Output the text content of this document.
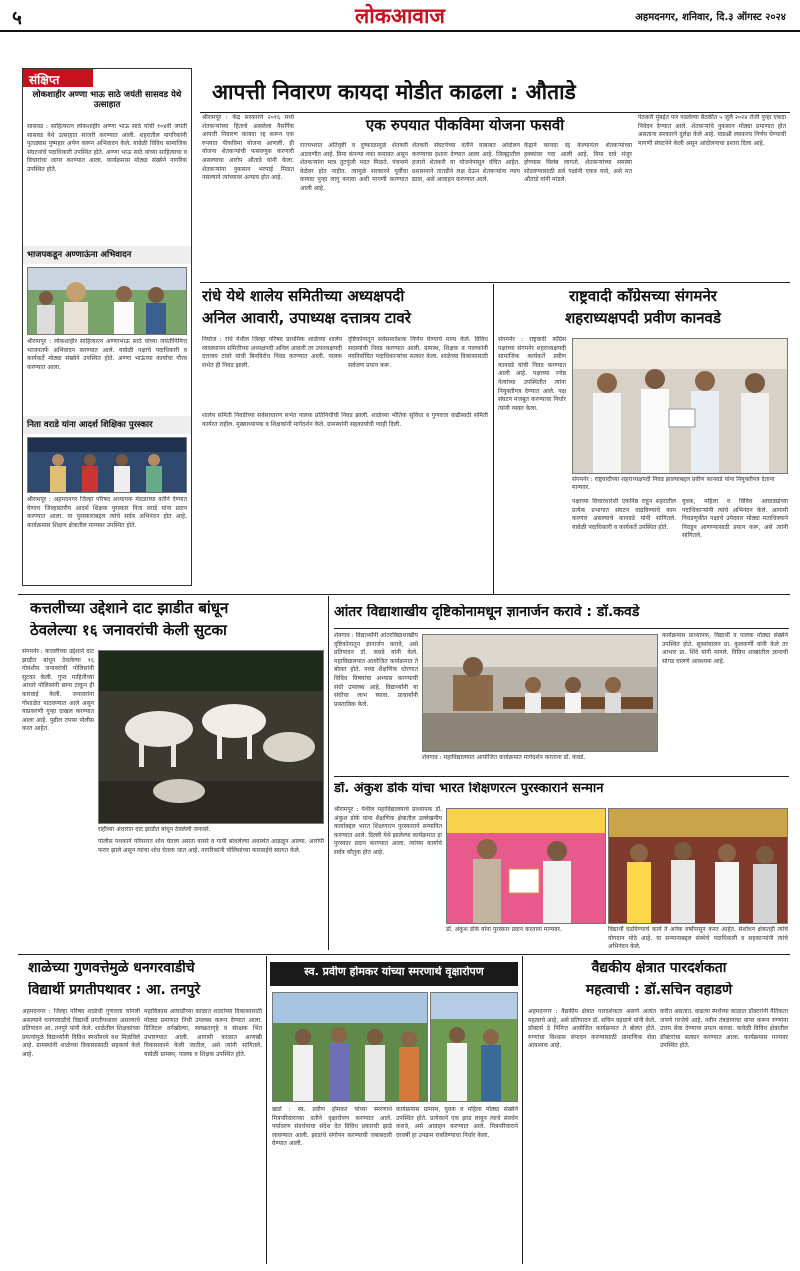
५	लोकआवाज	अहमदनगर, शनिवार, दि.३ ऑगस्ट २०२४
संक्षिप्त
लोकशाहीर अण्णा भाऊ साठे जयंती सासवड येथे उत्साहात
सासवड : साहित्यरत्न लोकशाहीर अण्णा भाऊ साठे यांची १०४वी जयंती सासवड येथे उत्साहात साजरी करण्यात आली. शहरातील नागरिकांनी पुतळ्यास पुष्पहार अर्पण करून अभिवादन केले. यावेळी विविध सामाजिक संघटनांचे पदाधिकारी उपस्थित होते. अण्णा भाऊ साठे यांच्या साहित्याचा व विचारांचा जागर करण्यात आला. कार्यक्रमास मोठ्या संख्येने नागरिक उपस्थित होते.
भाजपकडून अण्णाऊंना अभिवादन
श्रीरामपूर : लोकशाहीर साहित्यरत्न अण्णाभाऊ साठे यांच्या जयंतीनिमित्त भाजपतर्फे अभिवादन करण्यात आले. यावेळी पक्षाचे पदाधिकारी व कार्यकर्ते मोठ्या संख्येने उपस्थित होते. अण्णा भाऊंच्या कार्याचा गौरव करण्यात आला.
निता वराडे यांना आदर्श शिक्षिका पुरस्कार
श्रीरामपूर : अहमदनगर जिल्हा परिषद अध्यापक मंडळाच्या वतीने देण्यात येणारा जिल्हास्तरीय आदर्श शिक्षक पुरस्कार निता वराडे यांना प्रदान करण्यात आला. या पुरस्काराबद्दल त्यांचे सर्वत्र अभिनंदन होत आहे. कार्यक्रमास शिक्षण क्षेत्रातील मान्यवर उपस्थित होते.
आपत्ती निवारण कायदा मोडीत काढला : औताडे
श्रीरामपूर : केंद्र सरकारने २०१६ मध्ये शेतकऱ्यांच्या हिताचे असलेला नैसर्गिक आपत्ती निवारण कायदा रद्द करून एक रुपयात पीकविमा योजना आणली. ही योजना शेतकऱ्यांची फसवणूक करणारी असल्याचा आरोप औताडे यांनी केला. शेतकऱ्यांना नुकसान भरपाई मिळत नसल्याने त्यांच्यावर अन्याय होत आहे.
एक रुपयात पीकविमा योजना फसवी
राज्यभरात अतिवृष्टी व दुष्काळामुळे शेतकरी अडचणीत आहे. विमा कंपन्या नफा कमावत असून शेतकऱ्यांना मात्र तुटपुंजी मदत मिळते. पंचनामे वेळेवर होत नाहीत. त्यामुळे सरकारने पूर्वीचा कायदा पुन्हा लागू करावा अशी मागणी करण्यात आली आहे.
शेतकरी संघटनेच्या वतीने याबाबत आंदोलन करण्याचा इशारा देण्यात आला आहे. जिल्ह्यातील हजारो शेतकरी या योजनेपासून वंचित आहेत. प्रशासनाने तातडीने लक्ष देऊन शेतकऱ्यांना न्याय द्यावा, असे आवाहन करण्यात आले.
केंद्राने कायदा रद्द केल्यानंतर शेतकऱ्यांच्या हक्कांवर गदा आली आहे. विमा दावे मंजूर होण्यास विलंब लागतो. शेतकऱ्यांच्या समस्या सोडवण्यासाठी सर्व पक्षांनी एकत्र यावे, असे मत औताडे यांनी मांडले.
पेठकरी मुंबईत पार पडलेल्या बैठकीत ५ जुलै २०२४ रोजी पुन्हा एकदा निवेदन देण्यात आले. शेतकऱ्यांचे नुकसान मोठ्या प्रमाणात होत असताना सरकारने दुर्लक्ष केले आहे. याप्रश्नी लवकरच निर्णय घेण्याची मागणी संघटनेने केली असून आंदोलनाचा इशारा दिला आहे.
रांधे येथे शालेय समितीच्या अध्यक्षपदी
अनिल आवारी, उपाध्यक्ष दत्तात्रय टावरे
निघोज : रांधे येथील जिल्हा परिषद प्राथमिक शाळेच्या शालेय व्यवस्थापन समितीच्या अध्यक्षपदी अनिल आवारी तर उपाध्यक्षपदी दत्तात्रय टावरे यांची बिनविरोध निवड करण्यात आली. पालक सभेत ही निवड झाली.
दृष्टिकोनातून सर्वसमावेशक निर्णय घेण्याचे मान्य केले. विविध सदस्यांची निवड करण्यात आली. ग्रामस्थ, शिक्षक व पालकांनी नवनिर्वाचित पदाधिकाऱ्यांचा सत्कार केला. शाळेच्या विकासासाठी सर्वजण प्रयत्न करू.
शालेय समिती निवडीच्या सर्वसाधारण सभेत पालक प्रतिनिधींची निवड झाली. शाळेच्या भौतिक सुविधा व गुणवत्ता वाढीसाठी समिती कार्यरत राहील. मुख्याध्यापक व शिक्षकांनी मार्गदर्शन केले. ग्रामस्थांनी सहकार्याची ग्वाही दिली.
राष्ट्रवादी काँग्रेसच्या संगमनेर
शहराध्यक्षपदी प्रवीण कानवडे
संगमनेर : राष्ट्रवादी काँग्रेस पक्षाच्या संगमनेर शहराध्यक्षपदी सामाजिक कार्यकर्ते प्रवीण कानवडे यांची निवड करण्यात आली आहे. पक्षाच्या ज्येष्ठ नेत्यांच्या उपस्थितीत त्यांना नियुक्तीपत्र देण्यात आले. पक्ष संघटन मजबूत करण्याचा निर्धार त्यांनी व्यक्त केला.
संगमनेर : राष्ट्रवादीच्या शहराध्यक्षपदी निवड झाल्याबद्दल प्रवीण कानवडे यांना नियुक्तीपत्र देताना मान्यवर.
पक्षाच्या विचारधारेशी एकनिष्ठ राहून शहरातील प्रत्येक प्रभागात संघटन वाढविण्याचे काम करणार असल्याचे कानवडे यांनी सांगितले. यावेळी पदाधिकारी व कार्यकर्ते उपस्थित होते.
युवक, महिला व विविध आघाड्यांच्या पदाधिकाऱ्यांनी त्यांचे अभिनंदन केले. आगामी निवडणुकीत पक्षाचे उमेदवार मोठ्या मताधिक्याने निवडून आणण्यासाठी प्रयत्न करू, असे त्यांनी सांगितले.
कत्तलीच्या उद्देशाने दाट झाडीत बांधून
ठेवलेल्या १६ जनावरांची केली सुटका
संगमनेर : कत्तलीच्या उद्देशाने दाट झाडीत बांधून ठेवलेल्या १६ गोवंशीय जनावरांची पोलिसांनी सुटका केली. गुप्त माहितीच्या आधारे पोलिसांनी छापा टाकून ही कारवाई केली. जनावरांना गोशाळेत पाठवण्यात आले असून याप्रकरणी गुन्हा दाखल करण्यात आला आहे. पुढील तपास पोलीस करत आहेत.
राहीच्या अंधारात दाट झाडीत बांधून ठेवलेली जनावरे.
पोलीस पथकाने परिसरात शोध घेतला असता वासरे व गायी बांधलेल्या अवस्थेत आढळून आल्या. आरोपी फरार झाले असून त्यांचा शोध घेतला जात आहे. नागरिकांनी पोलिसांच्या कारवाईचे स्वागत केले.
आंतर विद्याशाखीय दृष्टिकोनामधून ज्ञानार्जन करावे : डॉ.कवडे
शेवगाव : विद्यार्थ्यांनी आंतरविद्याशाखीय दृष्टिकोनातून ज्ञानार्जन करावे, असे प्रतिपादन डॉ. कवडे यांनी केले. महाविद्यालयात आयोजित कार्यक्रमात ते बोलत होते. नव्या शैक्षणिक धोरणात विविध विषयांचा अभ्यास करण्याची संधी उपलब्ध आहे. विद्यार्थ्यांनी या संधीचा लाभ घ्यावा. प्राचार्यांनी प्रास्ताविक केले.
शेवगाव : महाविद्यालयात आयोजित कार्यक्रमात मार्गदर्शन करताना डॉ. कवडे.
कार्यक्रमास प्राध्यापक, विद्यार्थी व पालक मोठ्या संख्येने उपस्थित होते. सूत्रसंचालन प्रा. कुलकर्णी यांनी केले तर आभार प्रा. शिंदे यांनी मानले. विविध शाखांतील ज्ञानाची सांगड घालणे आवश्यक आहे.
डॉ. अंकुश डोके यांचा भारत शिक्षणरत्न पुरस्काराने सन्मान
श्रीरामपूर : येथील महाविद्यालयाचे प्राध्यापक डॉ. अंकुश डोके यांना शैक्षणिक क्षेत्रातील उल्लेखनीय कार्याबद्दल भारत शिक्षणरत्न पुरस्काराने सन्मानित करण्यात आले. दिल्ली येथे झालेल्या कार्यक्रमात हा पुरस्कार प्रदान करण्यात आला. त्यांच्या कार्याचे सर्वत्र कौतुक होत आहे.
डॉ. अंकुश डोके यांना पुरस्कार प्रदान करताना मान्यवर.	विद्यार्थी घडविण्याचे कार्य ते अनेक वर्षांपासून करत आहेत. संशोधन क्षेत्रातही त्यांचे योगदान मोठे आहे. या सन्मानाबद्दल संस्थेचे पदाधिकारी व सहकाऱ्यांनी त्यांचे अभिनंदन केले.
शाळेच्या गुणवत्तेमुळे धनगरवाडीचे
विद्यार्थी प्रगतीपथावर : आ. तनपुरे
अहमदनगर : जिल्हा परिषद शाळेची गुणवत्ता चांगली असल्याने धनगरवाडीचे विद्यार्थी प्रगतीपथावर असल्याचे प्रतिपादन आ. तनपुरे यांनी केले. शाळेतील शिक्षकांच्या प्रयत्नांमुळे विद्यार्थ्यांनी विविध स्पर्धांमध्ये यश मिळविले आहे. ग्रामस्थांनी शाळेच्या विकासासाठी सहकार्य केले आहे.
महाविकास आघाडीच्या काळात शाळांच्या विकासासाठी मोठ्या प्रमाणात निधी उपलब्ध करून देण्यात आला. डिजिटल वर्गखोल्या, स्वच्छतागृहे व संरक्षक भिंत उभारण्यात आली. आगामी काळात आणखी विकासकामे केली जातील, असे त्यांनी सांगितले. यावेळी ग्रामस्थ, पालक व शिक्षक उपस्थित होते.
स्व. प्रवीण होमकर यांच्या स्मरणार्थ वृक्षारोपण
खर्डा : स्व. प्रवीण होमकर यांच्या स्मरणार्थ मित्रपरिवाराच्या वतीने वृक्षारोपण करण्यात आले. पर्यावरण संवर्धनाचा संदेश देत विविध प्रकारची झाडे लावण्यात आली. झाडांचे संगोपन करण्याची जबाबदारी घेण्यात आली.
कार्यक्रमास ग्रामस्थ, युवक व महिला मोठ्या संख्येने उपस्थित होते. प्रत्येकाने एक झाड लावून त्याचे संवर्धन करावे, असे आवाहन करण्यात आले. मित्रपरिवाराने दरवर्षी हा उपक्रम राबविण्याचा निर्धार केला.
वैद्यकीय क्षेत्रात पारदर्शकता
महत्वाची : डॉ.सचिन वहाडणे
अहमदनगर : वैद्यकीय क्षेत्रात पारदर्शकता असणे अत्यंत महत्वाचे आहे, असे प्रतिपादन डॉ. सचिन वहाडणे यांनी केले. डॉक्टर्स डे निमित्त आयोजित कार्यक्रमात ते बोलत होते. रुग्णांचा विश्वास संपादन करण्यासाठी प्रामाणिक सेवा आवश्यक आहे.
करीत असतात. वाढत्या स्पर्धेच्या काळात डॉक्टरांनी नैतिकता जपणे गरजेचे आहे. नवीन तंत्रज्ञानाचा वापर करून रुग्णांना उत्तम सेवा देण्याचा प्रयत्न करावा. यावेळी विविध क्षेत्रातील डॉक्टरांचा सत्कार करण्यात आला. कार्यक्रमास मान्यवर उपस्थित होते.
